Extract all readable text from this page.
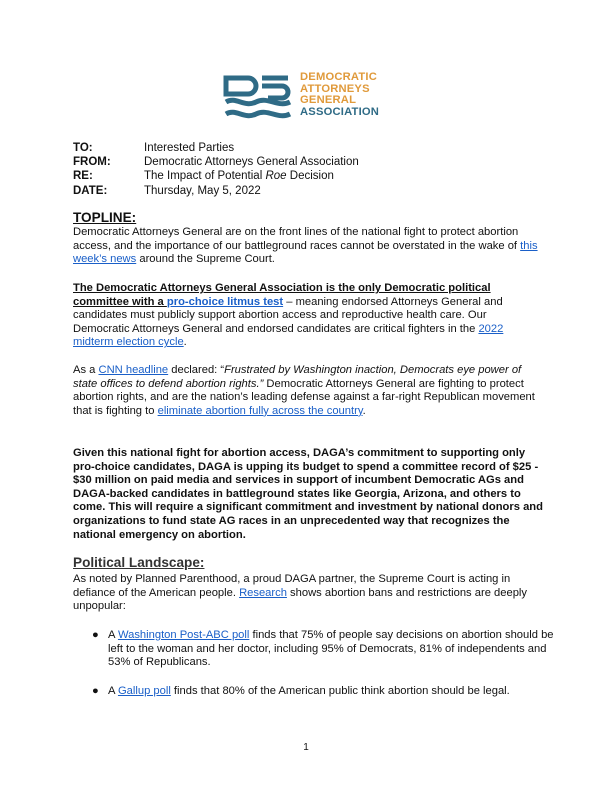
DEMOCRATIC
ATTORNEYS
GENERAL
ASSOCIATION
TO:	Interested Parties
FROM:	Democratic Attorneys General Association
RE:	The Impact of Potential Roe Decision
DATE:	Thursday, May 5, 2022
TOPLINE:
Democratic Attorneys General are on the front lines of the national fight to protect abortion access, and the importance of our battleground races cannot be overstated in the wake of this week’s news around the Supreme Court.
The Democratic Attorneys General Association is the only Democratic political committee with a pro-choice litmus test – meaning endorsed Attorneys General and candidates must publicly support abortion access and reproductive health care. Our Democratic Attorneys General and endorsed candidates are critical fighters in the 2022 midterm election cycle.
As a CNN headline declared: “Frustrated by Washington inaction, Democrats eye power of state offices to defend abortion rights.” Democratic Attorneys General are fighting to protect abortion rights, and are the nation’s leading defense against a far-right Republican movement that is fighting to eliminate abortion fully across the country.
Given this national fight for abortion access, DAGA’s commitment to supporting only pro-choice candidates, DAGA is upping its budget to spend a committee record of $25 - $30 million on paid media and services in support of incumbent Democratic AGs and DAGA-backed candidates in battleground states like Georgia, Arizona, and others to come. This will require a significant commitment and investment by national donors and organizations to fund state AG races in an unprecedented way that recognizes the national emergency on abortion.
Political Landscape:
As noted by Planned Parenthood, a proud DAGA partner, the Supreme Court is acting in defiance of the American people. Research shows abortion bans and restrictions are deeply unpopular:
● A Washington Post-ABC poll finds that 75% of people say decisions on abortion should be left to the woman and her doctor, including 95% of Democrats, 81% of independents and 53% of Republicans.
● A Gallup poll finds that 80% of the American public think abortion should be legal.
1
